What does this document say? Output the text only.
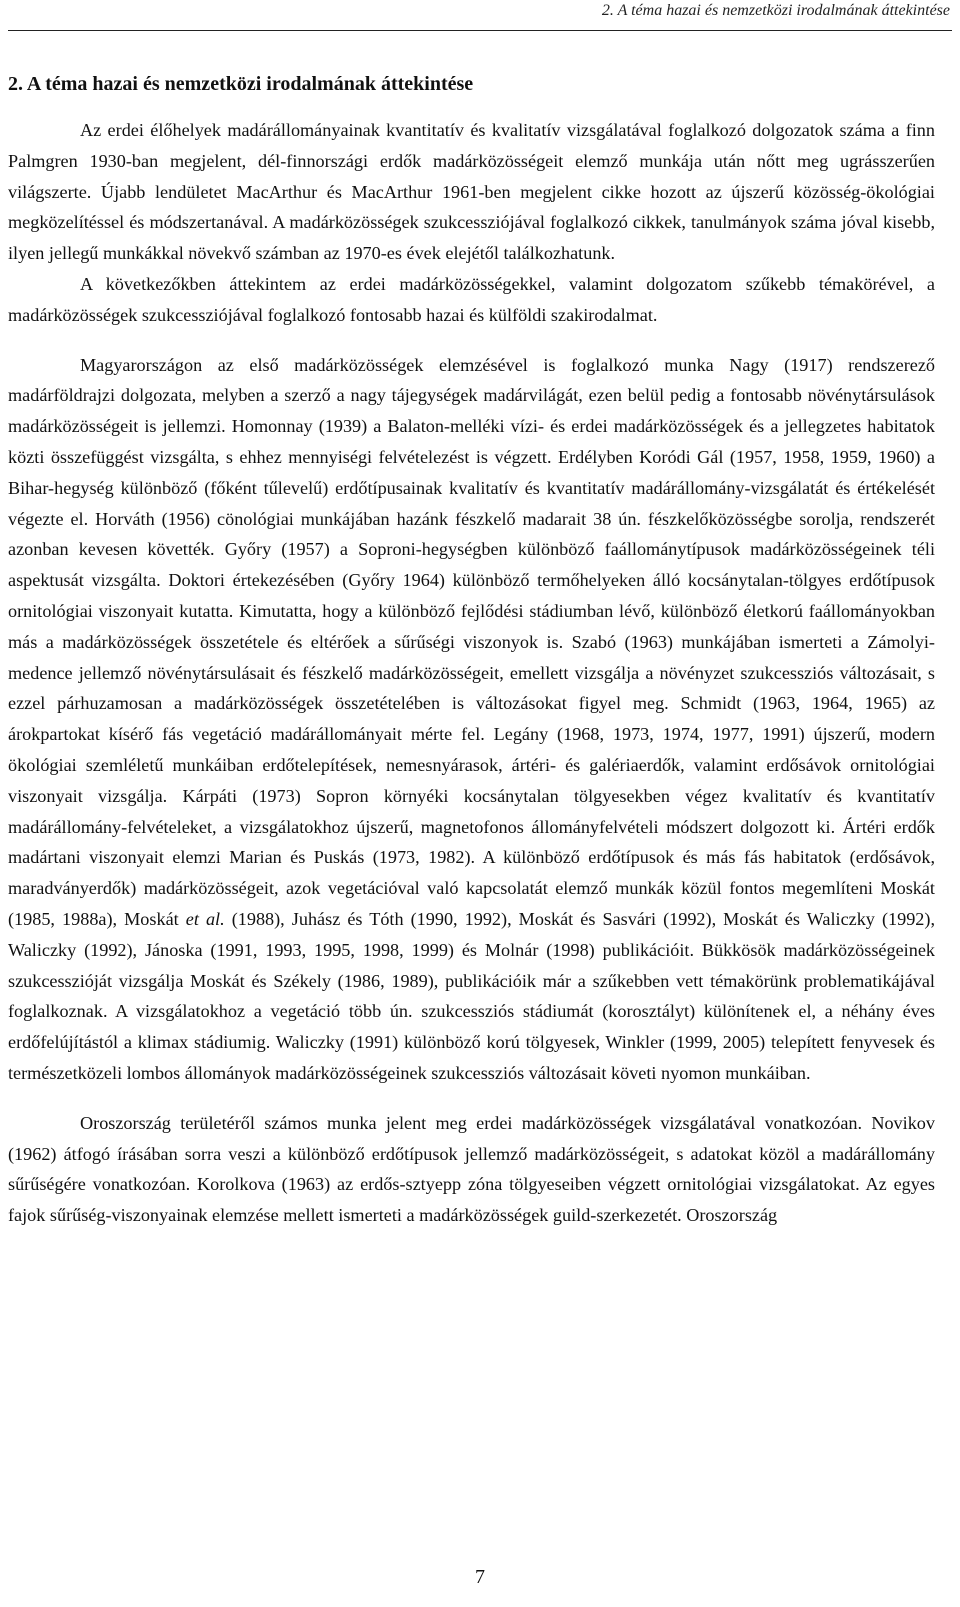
2. A téma hazai és nemzetközi irodalmának áttekintése
2. A téma hazai és nemzetközi irodalmának áttekintése

Az erdei élőhelyek madárállományainak kvantitatív és kvalitatív vizsgálatával foglalkozó dolgozatok száma a finn Palmgren 1930-ban megjelent, dél-finnországi erdők madárközösségeit elemző munkája után nőtt meg ugrásszerűen világszerte. Újabb lendületet MacArthur és MacArthur 1961-ben megjelent cikke hozott az újszerű közösség-ökológiai megközelítéssel és módszertanával. A madárközösségek szukcessziójával foglalkozó cikkek, tanulmányok száma jóval kisebb, ilyen jellegű munkákkal növekvő számban az 1970-es évek elejétől találkozhatunk.

A következőkben áttekintem az erdei madárközösségekkel, valamint dolgozatom szűkebb témakörével, a madárközösségek szukcessziójával foglalkozó fontosabb hazai és külföldi szakirodalmat.

Magyarországon az első madárközösségek elemzésével is foglalkozó munka Nagy (1917) rendszerező madárföldrajzi dolgozata, melyben a szerző a nagy tájegységek madárvilágát, ezen belül pedig a fontosabb növénytársulások madárközösségeit is jellemzi. Homonnay (1939) a Balaton-melléki vízi- és erdei madárközösségek és a jellegzetes habitatok közti összefüggést vizsgálta, s ehhez mennyiségi felvételezést is végzett. Erdélyben Koródi Gál (1957, 1958, 1959, 1960) a Bihar-hegység különböző (főként tűlevelű) erdőtípusainak kvalitatív és kvantitatív madárállomány-vizsgálatát és értékelését végezte el. Horváth (1956) cönológiai munkájában hazánk fészkelő madarait 38 ún. fészkelőközösségbe sorolja, rendszerét azonban kevesen követték. Győry (1957) a Soproni-hegységben különböző faállománytípusok madárközösségeinek téli aspektusát vizsgálta. Doktori értekezésében (Győry 1964) különböző termőhelyeken álló kocsánytalan-tölgyes erdőtípusok ornitológiai viszonyait kutatta. Kimutatta, hogy a különböző fejlődési stádiumban lévő, különböző életkorú faállományokban más a madárközösségek összetétele és eltérőek a sűrűségi viszonyok is. Szabó (1963) munkájában ismerteti a Zámolyi-medence jellemző növénytársulásait és fészkelő madárközösségeit, emellett vizsgálja a növényzet szukcessziós változásait, s ezzel párhuzamosan a madárközösségek összetételében is változásokat figyel meg. Schmidt (1963, 1964, 1965) az árokpartokat kísérő fás vegetáció madárállományait mérte fel. Legány (1968, 1973, 1974, 1977, 1991) újszerű, modern ökológiai szemléletű munkáiban erdőtelepítések, nemesnyárasok, ártéri- és galériaerdők, valamint erdősávok ornitológiai viszonyait vizsgálja. Kárpáti (1973) Sopron környéki kocsánytalan tölgyesekben végez kvalitatív és kvantitatív madárállomány-felvételeket, a vizsgálatokhoz újszerű, magnetofonos állományfelvételi módszert dolgozott ki. Ártéri erdők madártani viszonyait elemzi Marian és Puskás (1973, 1982). A különböző erdőtípusok és más fás habitatok (erdősávok, maradványerdők) madárközösségeit, azok vegetációval való kapcsolatát elemző munkák közül fontos megemlíteni Moskát (1985, 1988a), Moskát et al. (1988), Juhász és Tóth (1990, 1992), Moskát és Sasvári (1992), Moskát és Waliczky (1992), Waliczky (1992), Jánoska (1991, 1993, 1995, 1998, 1999) és Molnár (1998) publikációit. Bükkösök madárközösségeinek szukcesszióját vizsgálja Moskát és Székely (1986, 1989), publikációik már a szűkebben vett témakörünk problematikájával foglalkoznak. A vizsgálatokhoz a vegetáció több ún. szukcessziós stádiumát (korosztályt) különítenek el, a néhány éves erdőfelújítástól a klimax stádiumig. Waliczky (1991) különböző korú tölgyesek, Winkler (1999, 2005) telepített fenyvesek és természetközeli lombos állományok madárközösségeinek szukcessziós változásait követi nyomon munkáiban.

Oroszország területéről számos munka jelent meg erdei madárközösségek vizsgálatával vonatkozóan. Novikov (1962) átfogó írásában sorra veszi a különböző erdőtípusok jellemző madárközösségeit, s adatokat közöl a madárállomány sűrűségére vonatkozóan. Korolkova (1963) az erdős-sztyepp zóna tölgyeseiben végzett ornitológiai vizsgálatokat. Az egyes fajok sűrűség-viszonyainak elemzése mellett ismerteti a madárközösségek guild-szerkezetét. Oroszország

7
